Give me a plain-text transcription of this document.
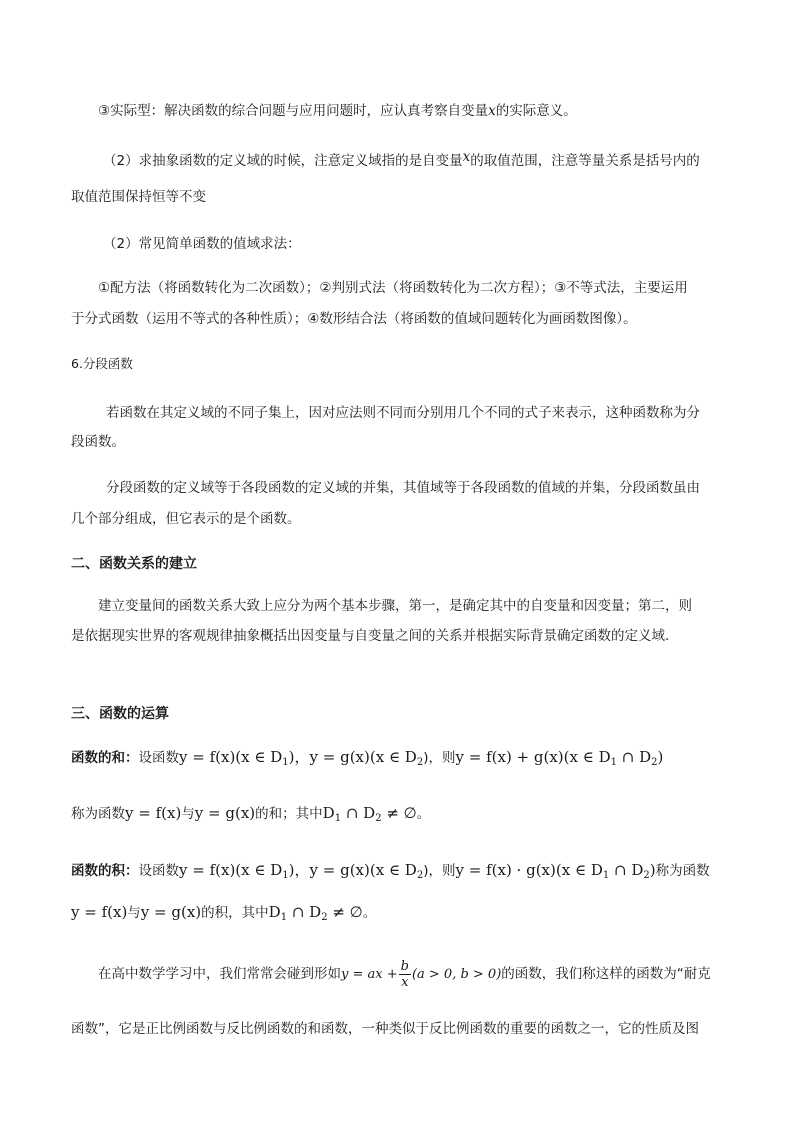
③实际型：解决函数的综合问题与应用问题时，应认真考察自变量x的实际意义。
（2）求抽象函数的定义域的时候，注意定义域指的是自变量x的取值范围，注意等量关系是括号内的
取值范围保持恒等不变
（2）常见简单函数的值域求法：
①配方法（将函数转化为二次函数）；②判别式法（将函数转化为二次方程）；③不等式法，主要运用
于分式函数（运用不等式的各种性质）；④数形结合法（将函数的值域问题转化为画函数图像）。
6.分段函数
若函数在其定义域的不同子集上，因对应法则不同而分别用几个不同的式子来表示，这种函数称为分
段函数。
分段函数的定义域等于各段函数的定义域的并集，其值域等于各段函数的值域的并集，分段函数虽由
几个部分组成，但它表示的是个函数。
二、函数关系的建立
建立变量间的函数关系大致上应分为两个基本步骤，第一，是确定其中的自变量和因变量；第二，则
是依据现实世界的客观规律抽象概括出因变量与自变量之间的关系并根据实际背景确定函数的定义域.
三、函数的运算
函数的和：设函数y = f(x)(x ∈ $D_1$)，y = g(x)(x ∈ $D_2$)，则y = f(x) + g(x)(x ∈ $D_1$ ∩ $D_2$)
称为函数y = f(x)与y = g(x)的和；其中$D_1$ ∩ $D_2$ ≠ ∅。
函数的积：设函数y = f(x)(x ∈ $D_1$)，y = g(x)(x ∈ $D_2$)，则y = f(x) · g(x)(x ∈ $D_1$ ∩ $D_2$)称为函数
y = f(x)与y = g(x)的积，其中$D_1$ ∩ $D_2$ ≠ ∅。
在高中数学学习中，我们常常会碰到形如y = ax + $\frac{b}{x} (a > 0$, b > 0)的函数，我们称这样的函数为“耐克
函数”，它是正比例函数与反比例函数的和函数，一种类似于反比例函数的重要的函数之一，它的性质及图
